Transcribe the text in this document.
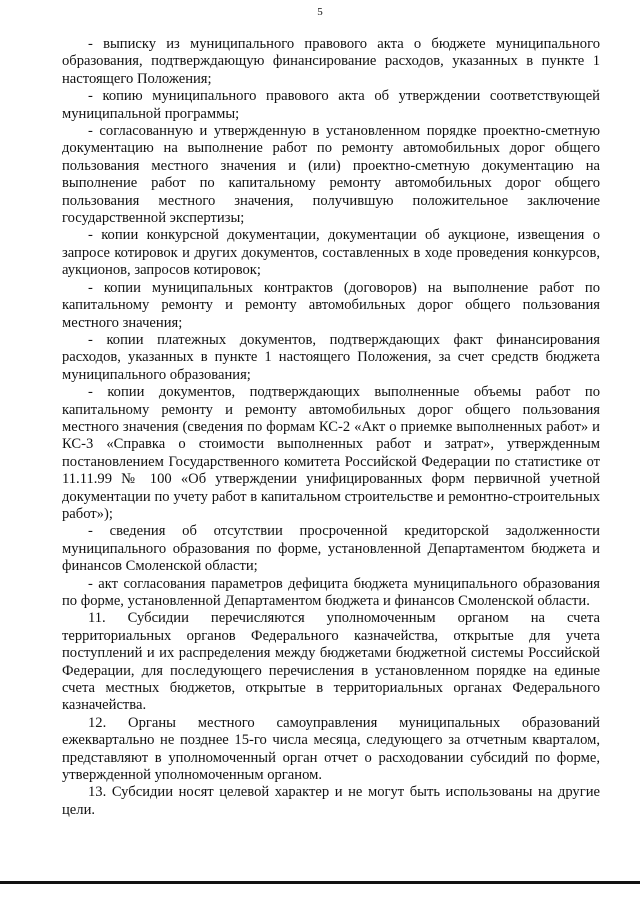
5

- выписку из муниципального правового акта о бюджете муниципального образования, подтверждающую финансирование расходов, указанных в пункте 1 настоящего Положения;

- копию муниципального правового акта об утверждении соответствующей муниципальной программы;

- согласованную и утвержденную в установленном порядке проектно-сметную документацию на выполнение работ по ремонту автомобильных дорог общего пользования местного значения и (или) проектно-сметную документацию на выполнение работ по капитальному ремонту автомобильных дорог общего пользования местного значения, получившую положительное заключение государственной экспертизы;

- копии конкурсной документации, документации об аукционе, извещения о запросе котировок и других документов, составленных в ходе проведения конкурсов, аукционов, запросов котировок;

- копии муниципальных контрактов (договоров) на выполнение работ по капитальному ремонту и ремонту автомобильных дорог общего пользования местного значения;

- копии платежных документов, подтверждающих факт финансирования расходов, указанных в пункте 1 настоящего Положения, за счет средств бюджета муниципального образования;

- копии документов, подтверждающих выполненные объемы работ по капитальному ремонту и ремонту автомобильных дорог общего пользования местного значения (сведения по формам КС-2 «Акт о приемке выполненных работ» и КС-3 «Справка о стоимости выполненных работ и затрат», утвержденным постановлением Государственного комитета Российской Федерации по статистике от 11.11.99 № 100 «Об утверждении унифицированных форм первичной учетной документации по учету работ в капитальном строительстве и ремонтно-строительных работ»);

- сведения об отсутствии просроченной кредиторской задолженности муниципального образования по форме, установленной Департаментом бюджета и финансов Смоленской области;

- акт согласования параметров дефицита бюджета муниципального образования по форме, установленной Департаментом бюджета и финансов Смоленской области.

11. Субсидии перечисляются уполномоченным органом на счета территориальных органов Федерального казначейства, открытые для учета поступлений и их распределения между бюджетами бюджетной системы Российской Федерации, для последующего перечисления в установленном порядке на единые счета местных бюджетов, открытые в территориальных органах Федерального казначейства.

12. Органы местного самоуправления муниципальных образований ежеквартально не позднее 15-го числа месяца, следующего за отчетным кварталом, представляют в уполномоченный орган отчет о расходовании субсидий по форме, утвержденной уполномоченным органом.

13. Субсидии носят целевой характер и не могут быть использованы на другие цели.
